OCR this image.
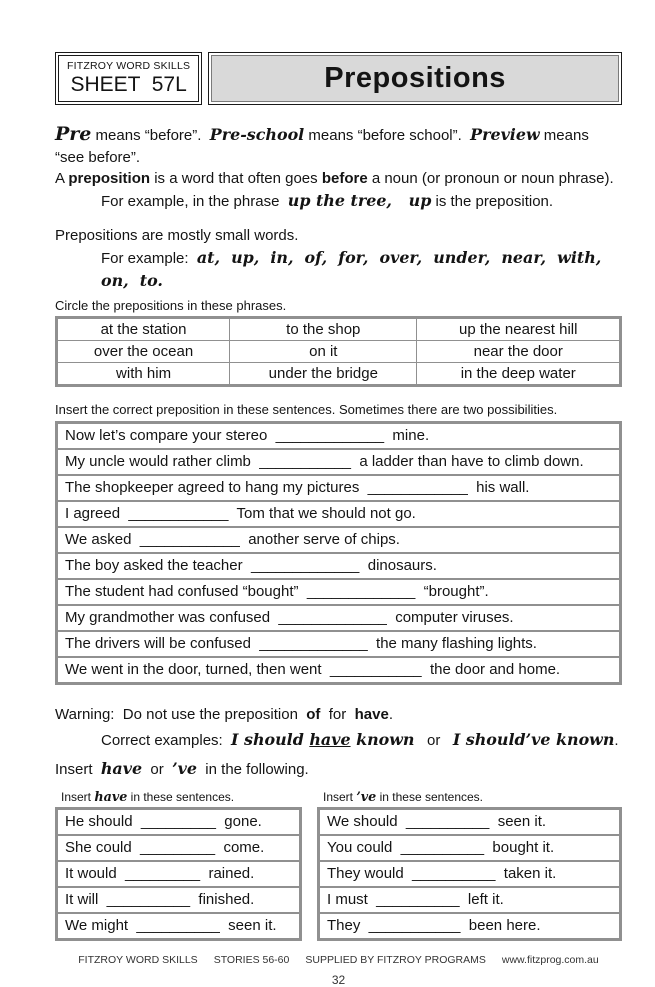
FITZROY WORD SKILLS
SHEET  57L	Prepositions

Pre means “before”.  Pre-school means “before school”.  Preview means “see before”.

A preposition is a word that often goes before a noun (or pronoun or noun phrase).

For example, in the phrase  up the tree, up is the preposition.

Prepositions are mostly small words.

For example:  at,  up,  in,  of,  for,  over,  under,  near,  with,  on,  to.

Circle the prepositions in these phrases.

at the station	to the shop	up the nearest hill
over the ocean	on it	near the door
with him	under the bridge	in the deep water

Insert the correct preposition in these sentences. Sometimes there are two possibilities.

Now let’s compare your stereo  _____________  mine.
My uncle would rather climb  ___________  a ladder than have to climb down.
The shopkeeper agreed to hang my pictures  ____________  his wall.
I agreed  ____________  Tom that we should not go.
We asked  ____________  another serve of chips.
The boy asked the teacher  _____________  dinosaurs.
The student had confused “bought”  _____________  “brought”.
My grandmother was confused  _____________  computer viruses.
The drivers will be confused  _____________  the many flashing lights.
We went in the door, turned, then went  ___________  the door and home.

Warning:  Do not use the preposition  of  for  have.

Correct examples:  I should have known   or   I should’ve known.

Insert  have  or  ’ve  in the following.

Insert have in these sentences.

He should  _________  gone.
She could  _________  come.
It would  _________  rained.
It will  __________  finished.
We might  __________  seen it.

Insert ’ve in these sentences.

We should  __________  seen it.
You could  __________  bought it.
They would  __________  taken it.
I must  __________  left it.
They  ___________  been here.
FITZROY WORD SKILLS STORIES 56-60 SUPPLIED BY FITZROY PROGRAMS www.fitzprog.com.au
32
